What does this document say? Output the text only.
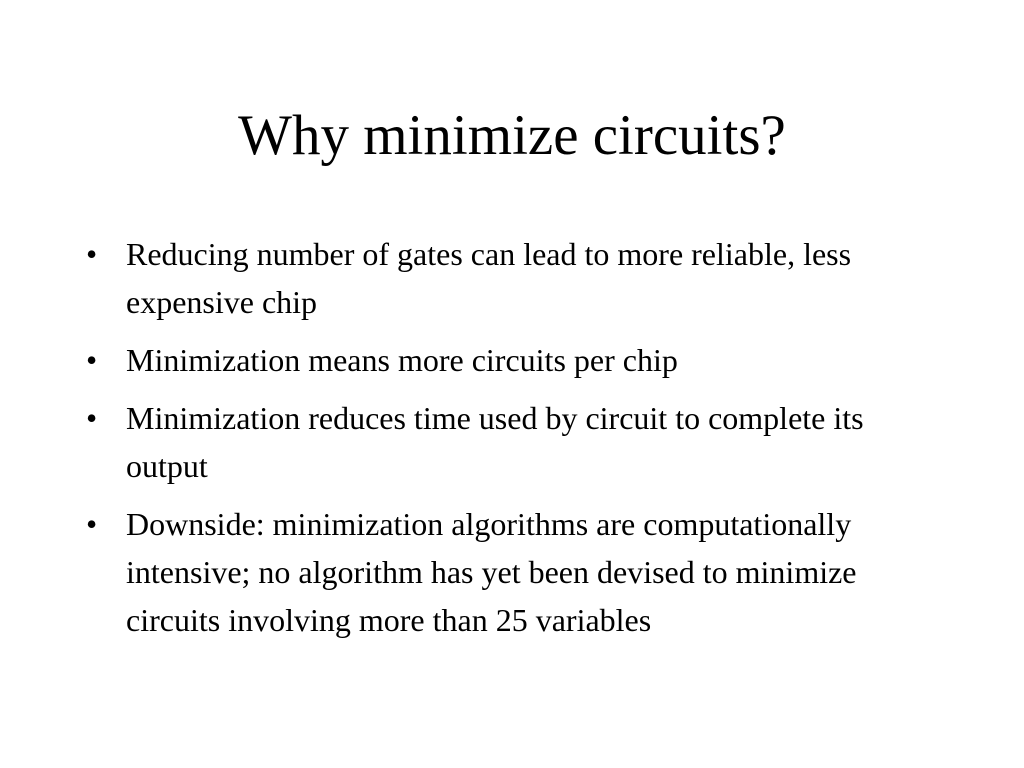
Why minimize circuits?
• Reducing number of gates can lead to more reliable, less expensive chip
• Minimization means more circuits per chip
• Minimization reduces time used by circuit to complete its output
• Downside: minimization algorithms are computationally intensive; no algorithm has yet been devised to minimize circuits involving more than 25 variables
